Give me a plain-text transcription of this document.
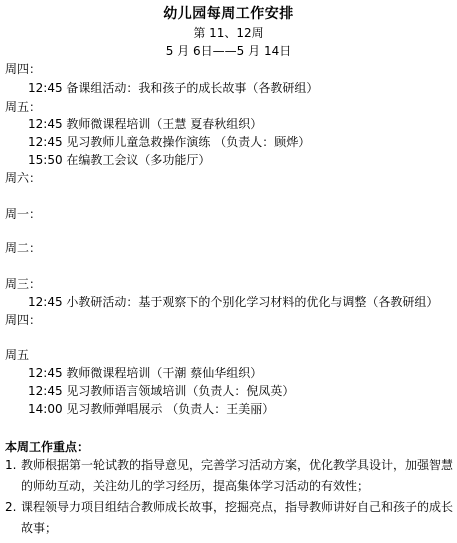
幼儿园每周工作安排
第 11、12周
5 月 6日——5 月 14日
周四：
12:45 备课组活动：我和孩子的成长故事（各教研组）
周五：
12:45 教师微课程培训（王慧 夏春秋组织）
12:45 见习教师儿童急救操作演练 （负责人：顾烨）
15:50 在编教工会议（多功能厅）
周六：
周一：
周二：
周三：
12:45 小教研活动：基于观察下的个别化学习材料的优化与调整（各教研组）
周四：
周五
12:45 教师微课程培训（干潮 蔡仙华组织）
12:45 见习教师语言领域培训（负责人：倪凤英）
14:00 见习教师弹唱展示 （负责人：王美丽）
本周工作重点：
1. 教师根据第一轮试教的指导意见，完善学习活动方案，优化教学具设计，加强智慧的师幼互动，关注幼儿的学习经历，提高集体学习活动的有效性；
2. 课程领导力项目组结合教师成长故事，挖掘亮点，指导教师讲好自己和孩子的成长故事；
